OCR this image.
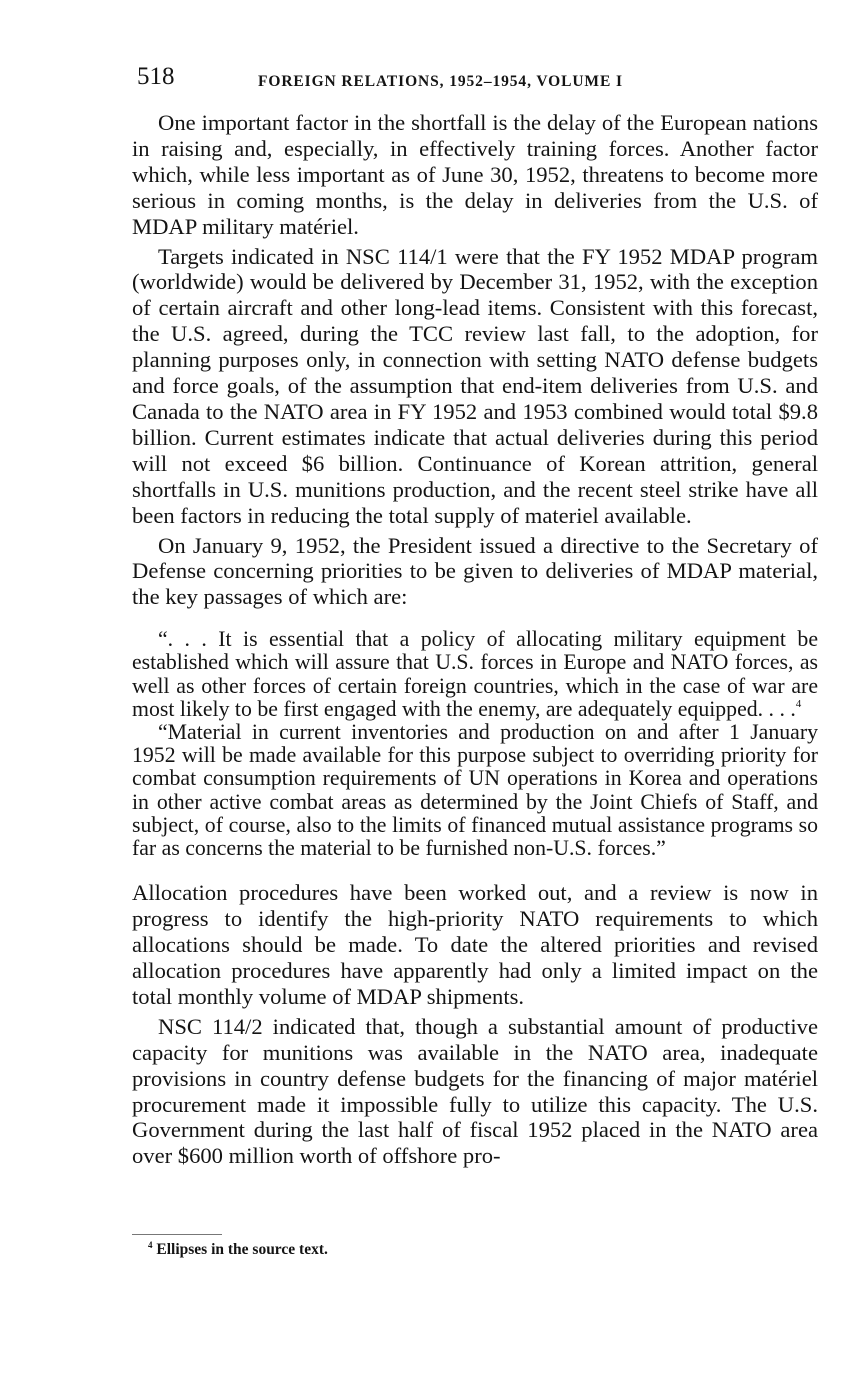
518	FOREIGN RELATIONS, 1952–1954, VOLUME I

One important factor in the shortfall is the delay of the European nations in raising and, especially, in effectively training forces. Another factor which, while less important as of June 30, 1952, threatens to become more serious in coming months, is the delay in deliveries from the U.S. of MDAP military matériel.

Targets indicated in NSC 114/1 were that the FY 1952 MDAP program (worldwide) would be delivered by December 31, 1952, with the exception of certain aircraft and other long-lead items. Consistent with this forecast, the U.S. agreed, during the TCC review last fall, to the adoption, for planning purposes only, in connection with setting NATO defense budgets and force goals, of the assumption that end-item deliveries from U.S. and Canada to the NATO area in FY 1952 and 1953 combined would total $9.8 billion. Current estimates indicate that actual deliveries during this period will not exceed $6 billion. Continuance of Korean attrition, general shortfalls in U.S. munitions production, and the recent steel strike have all been factors in reducing the total supply of materiel available.

On January 9, 1952, the President issued a directive to the Secretary of Defense concerning priorities to be given to deliveries of MDAP material, the key passages of which are:

“. . . It is essential that a policy of allocating military equipment be established which will assure that U.S. forces in Europe and NATO forces, as well as other forces of certain foreign countries, which in the case of war are most likely to be first engaged with the enemy, are adequately equipped. . . .$^4$

“Material in current inventories and production on and after 1 January 1952 will be made available for this purpose subject to overriding priority for combat consumption requirements of UN operations in Korea and operations in other active combat areas as determined by the Joint Chiefs of Staff, and subject, of course, also to the limits of financed mutual assistance programs so far as concerns the material to be furnished non-U.S. forces.”

Allocation procedures have been worked out, and a review is now in progress to identify the high-priority NATO requirements to which allocations should be made. To date the altered priorities and revised allocation procedures have apparently had only a limited impact on the total monthly volume of MDAP shipments.

NSC 114/2 indicated that, though a substantial amount of productive capacity for munitions was available in the NATO area, inadequate provisions in country defense budgets for the financing of major matériel procurement made it impossible fully to utilize this capacity. The U.S. Government during the last half of fiscal 1952 placed in the NATO area over $600 million worth of offshore pro-

$^4$ Ellipses in the source text.
